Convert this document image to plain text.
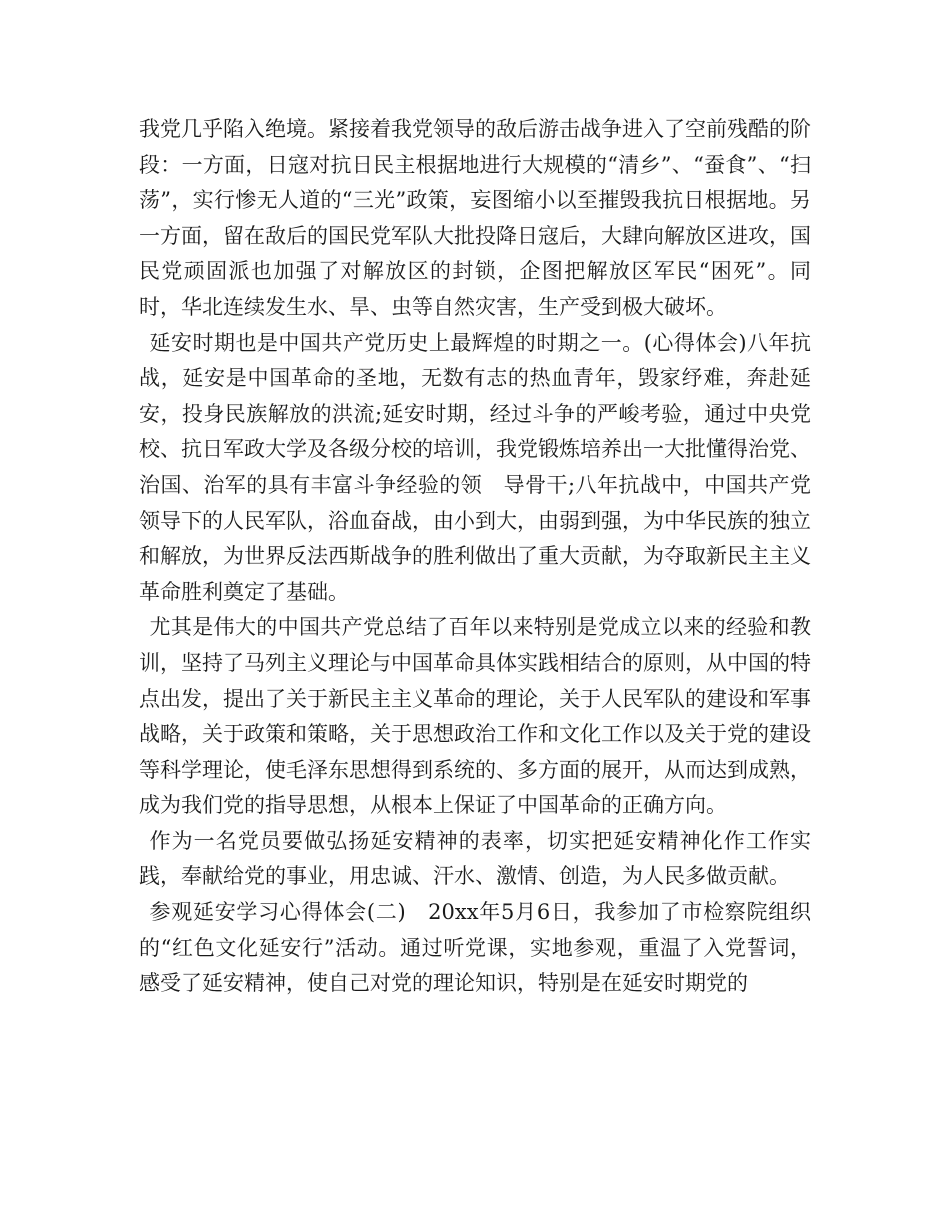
我党几乎陷入绝境。紧接着我党领导的敌后游击战争进入了空前残酷的阶段：一方面，日寇对抗日民主根据地进行大规模的“清乡”、“蚕食”、“扫荡”，实行惨无人道的“三光”政策，妄图缩小以至摧毁我抗日根据地。另一方面，留在敌后的国民党军队大批投降日寇后，大肆向解放区进攻，国民党顽固派也加强了对解放区的封锁，企图把解放区军民“困死”。同时，华北连续发生水、旱、虫等自然灾害，生产受到极大破坏。

延安时期也是中国共产党历史上最辉煌的时期之一。(心得体会)八年抗战，延安是中国革命的圣地，无数有志的热血青年，毁家纾难，奔赴延安，投身民族解放的洪流;延安时期，经过斗争的严峻考验，通过中央党校、抗日军政大学及各级分校的培训，我党锻炼培养出一大批懂得治党、治国、治军的具有丰富斗争经验的领　导骨干;八年抗战中，中国共产党领导下的人民军队，浴血奋战，由小到大，由弱到强，为中华民族的独立和解放，为世界反法西斯战争的胜利做出了重大贡献，为夺取新民主主义革命胜利奠定了基础。

尤其是伟大的中国共产党总结了百年以来特别是党成立以来的经验和教训，坚持了马列主义理论与中国革命具体实践相结合的原则，从中国的特点出发，提出了关于新民主主义革命的理论，关于人民军队的建设和军事战略，关于政策和策略，关于思想政治工作和文化工作以及关于党的建设等科学理论，使毛泽东思想得到系统的、多方面的展开，从而达到成熟，成为我们党的指导思想，从根本上保证了中国革命的正确方向。

作为一名党员要做弘扬延安精神的表率，切实把延安精神化作工作实践，奉献给党的事业，用忠诚、汗水、激情、创造，为人民多做贡献。

参观延安学习心得体会(二)　20xx年5月6日，我参加了市检察院组织的“红色文化延安行”活动。通过听党课，实地参观，重温了入党誓词，感受了延安精神，使自己对党的理论知识，特别是在延安时期党的
